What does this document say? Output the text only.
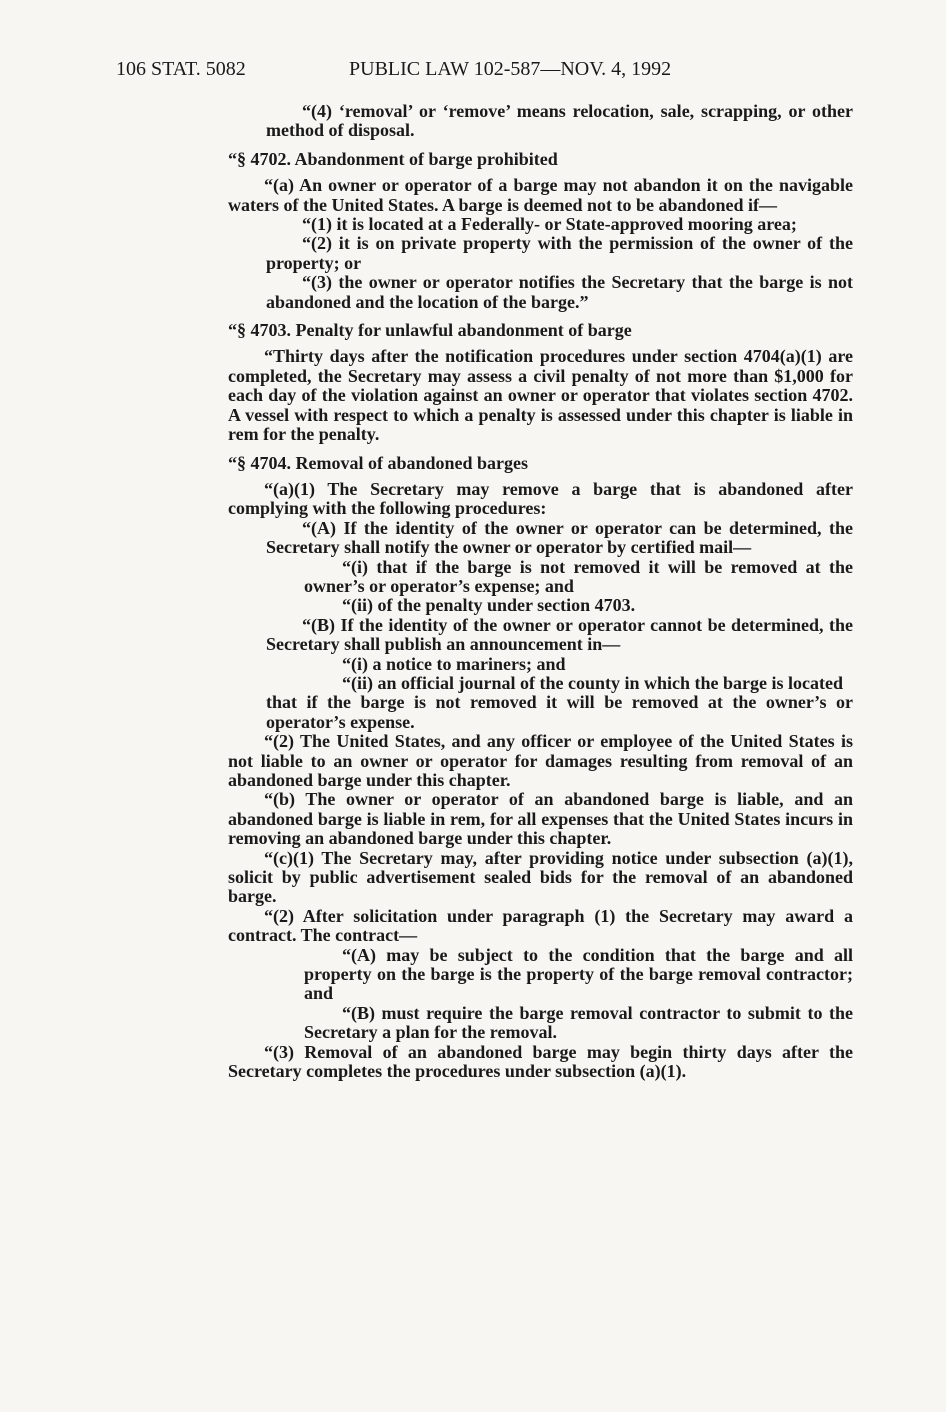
106 STAT. 5082	PUBLIC LAW 102-587—NOV. 4, 1992

“(4) ‘removal’ or ‘remove’ means relocation, sale, scrapping, or other method of disposal.

“§ 4702. Abandonment of barge prohibited

“(a) An owner or operator of a barge may not abandon it on the navigable waters of the United States. A barge is deemed not to be abandoned if—

“(1) it is located at a Federally- or State-approved mooring area;

“(2) it is on private property with the permission of the owner of the property; or

“(3) the owner or operator notifies the Secretary that the barge is not abandoned and the location of the barge.”

“§ 4703. Penalty for unlawful abandonment of barge

“Thirty days after the notification procedures under section 4704(a)(1) are completed, the Secretary may assess a civil penalty of not more than $1,000 for each day of the violation against an owner or operator that violates section 4702. A vessel with respect to which a penalty is assessed under this chapter is liable in rem for the penalty.

“§ 4704. Removal of abandoned barges

“(a)(1) The Secretary may remove a barge that is abandoned after complying with the following procedures:

“(A) If the identity of the owner or operator can be determined, the Secretary shall notify the owner or operator by certified mail—

“(i) that if the barge is not removed it will be removed at the owner’s or operator’s expense; and

“(ii) of the penalty under section 4703.

“(B) If the identity of the owner or operator cannot be determined, the Secretary shall publish an announcement in—

“(i) a notice to mariners; and

“(ii) an official journal of the county in which the barge is located

that if the barge is not removed it will be removed at the owner’s or operator’s expense.

“(2) The United States, and any officer or employee of the United States is not liable to an owner or operator for damages resulting from removal of an abandoned barge under this chapter.

“(b) The owner or operator of an abandoned barge is liable, and an abandoned barge is liable in rem, for all expenses that the United States incurs in removing an abandoned barge under this chapter.

“(c)(1) The Secretary may, after providing notice under subsection (a)(1), solicit by public advertisement sealed bids for the removal of an abandoned barge.

“(2) After solicitation under paragraph (1) the Secretary may award a contract. The contract—

“(A) may be subject to the condition that the barge and all property on the barge is the property of the barge removal contractor; and

“(B) must require the barge removal contractor to submit to the Secretary a plan for the removal.

“(3) Removal of an abandoned barge may begin thirty days after the Secretary completes the procedures under subsection (a)(1).
